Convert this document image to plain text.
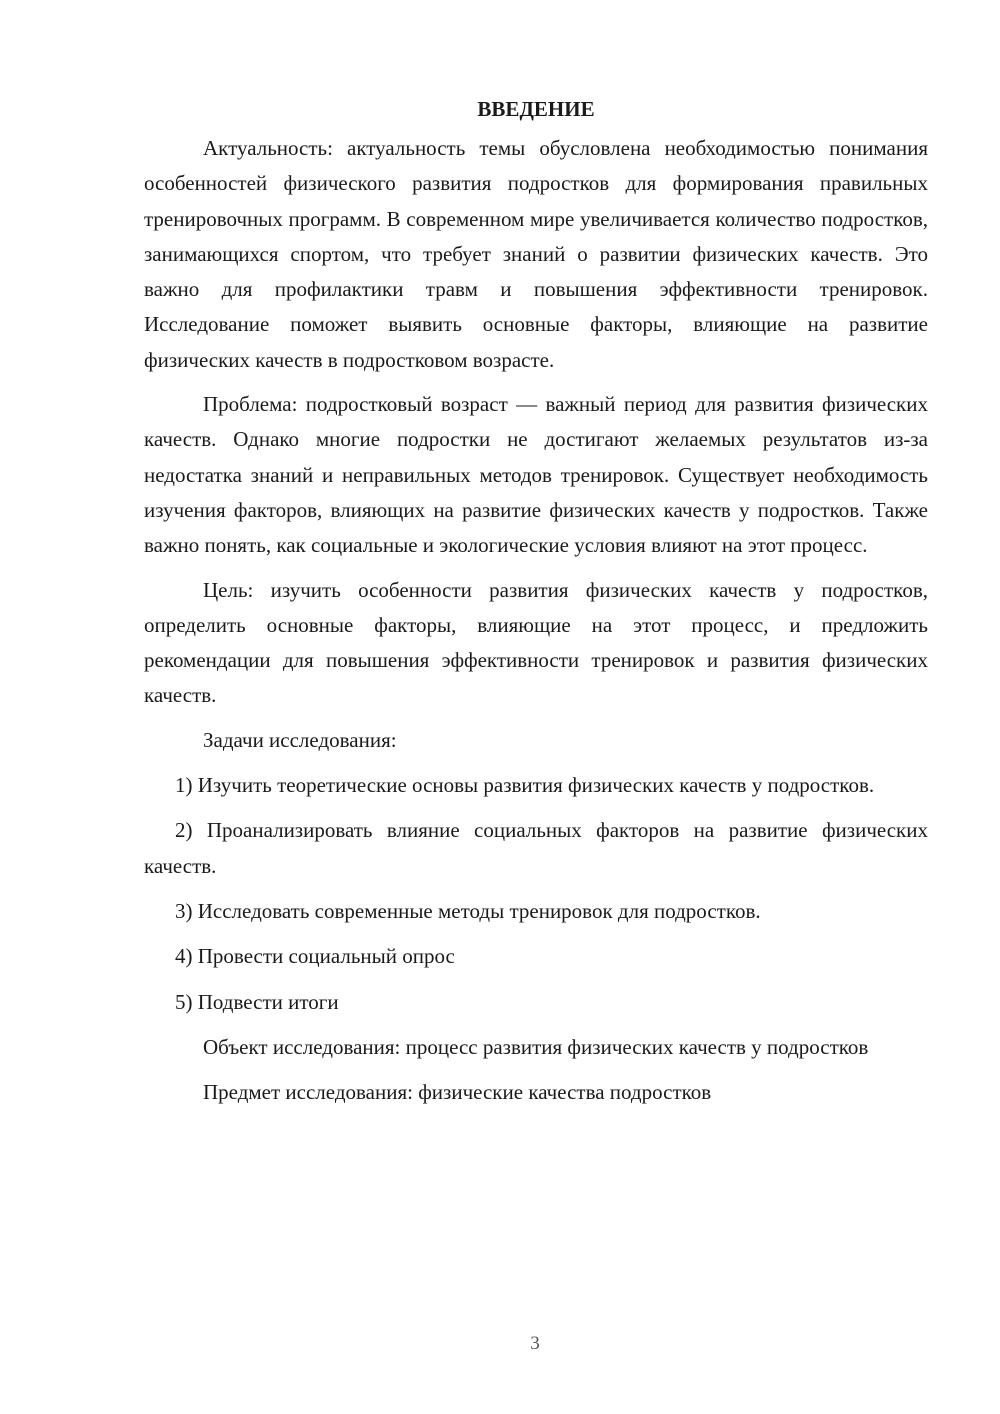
ВВЕДЕНИЕ

Актуальность: актуальность темы обусловлена необходимостью понимания особенностей физического развития подростков для формирования правильных тренировочных программ. В современном мире увеличивается количество подростков, занимающихся спортом, что требует знаний о развитии физических качеств. Это важно для профилактики травм и повышения эффективности тренировок. Исследование поможет выявить основные факторы, влияющие на развитие физических качеств в подростковом возрасте.

Проблема: подростковый возраст — важный период для развития физических качеств. Однако многие подростки не достигают желаемых результатов из-за недостатка знаний и неправильных методов тренировок. Существует необходимость изучения факторов, влияющих на развитие физических качеств у подростков. Также важно понять, как социальные и экологические условия влияют на этот процесс.

Цель: изучить особенности развития физических качеств у подростков, определить основные факторы, влияющие на этот процесс, и предложить рекомендации для повышения эффективности тренировок и развития физических качеств.

Задачи исследования:

1) Изучить теоретические основы развития физических качеств у подростков.

2) Проанализировать влияние социальных факторов на развитие физических качеств.

3) Исследовать современные методы тренировок для подростков.

4) Провести социальный опрос

5) Подвести итоги

Объект исследования: процесс развития физических качеств у подростков

Предмет исследования: физические качества подростков

3
